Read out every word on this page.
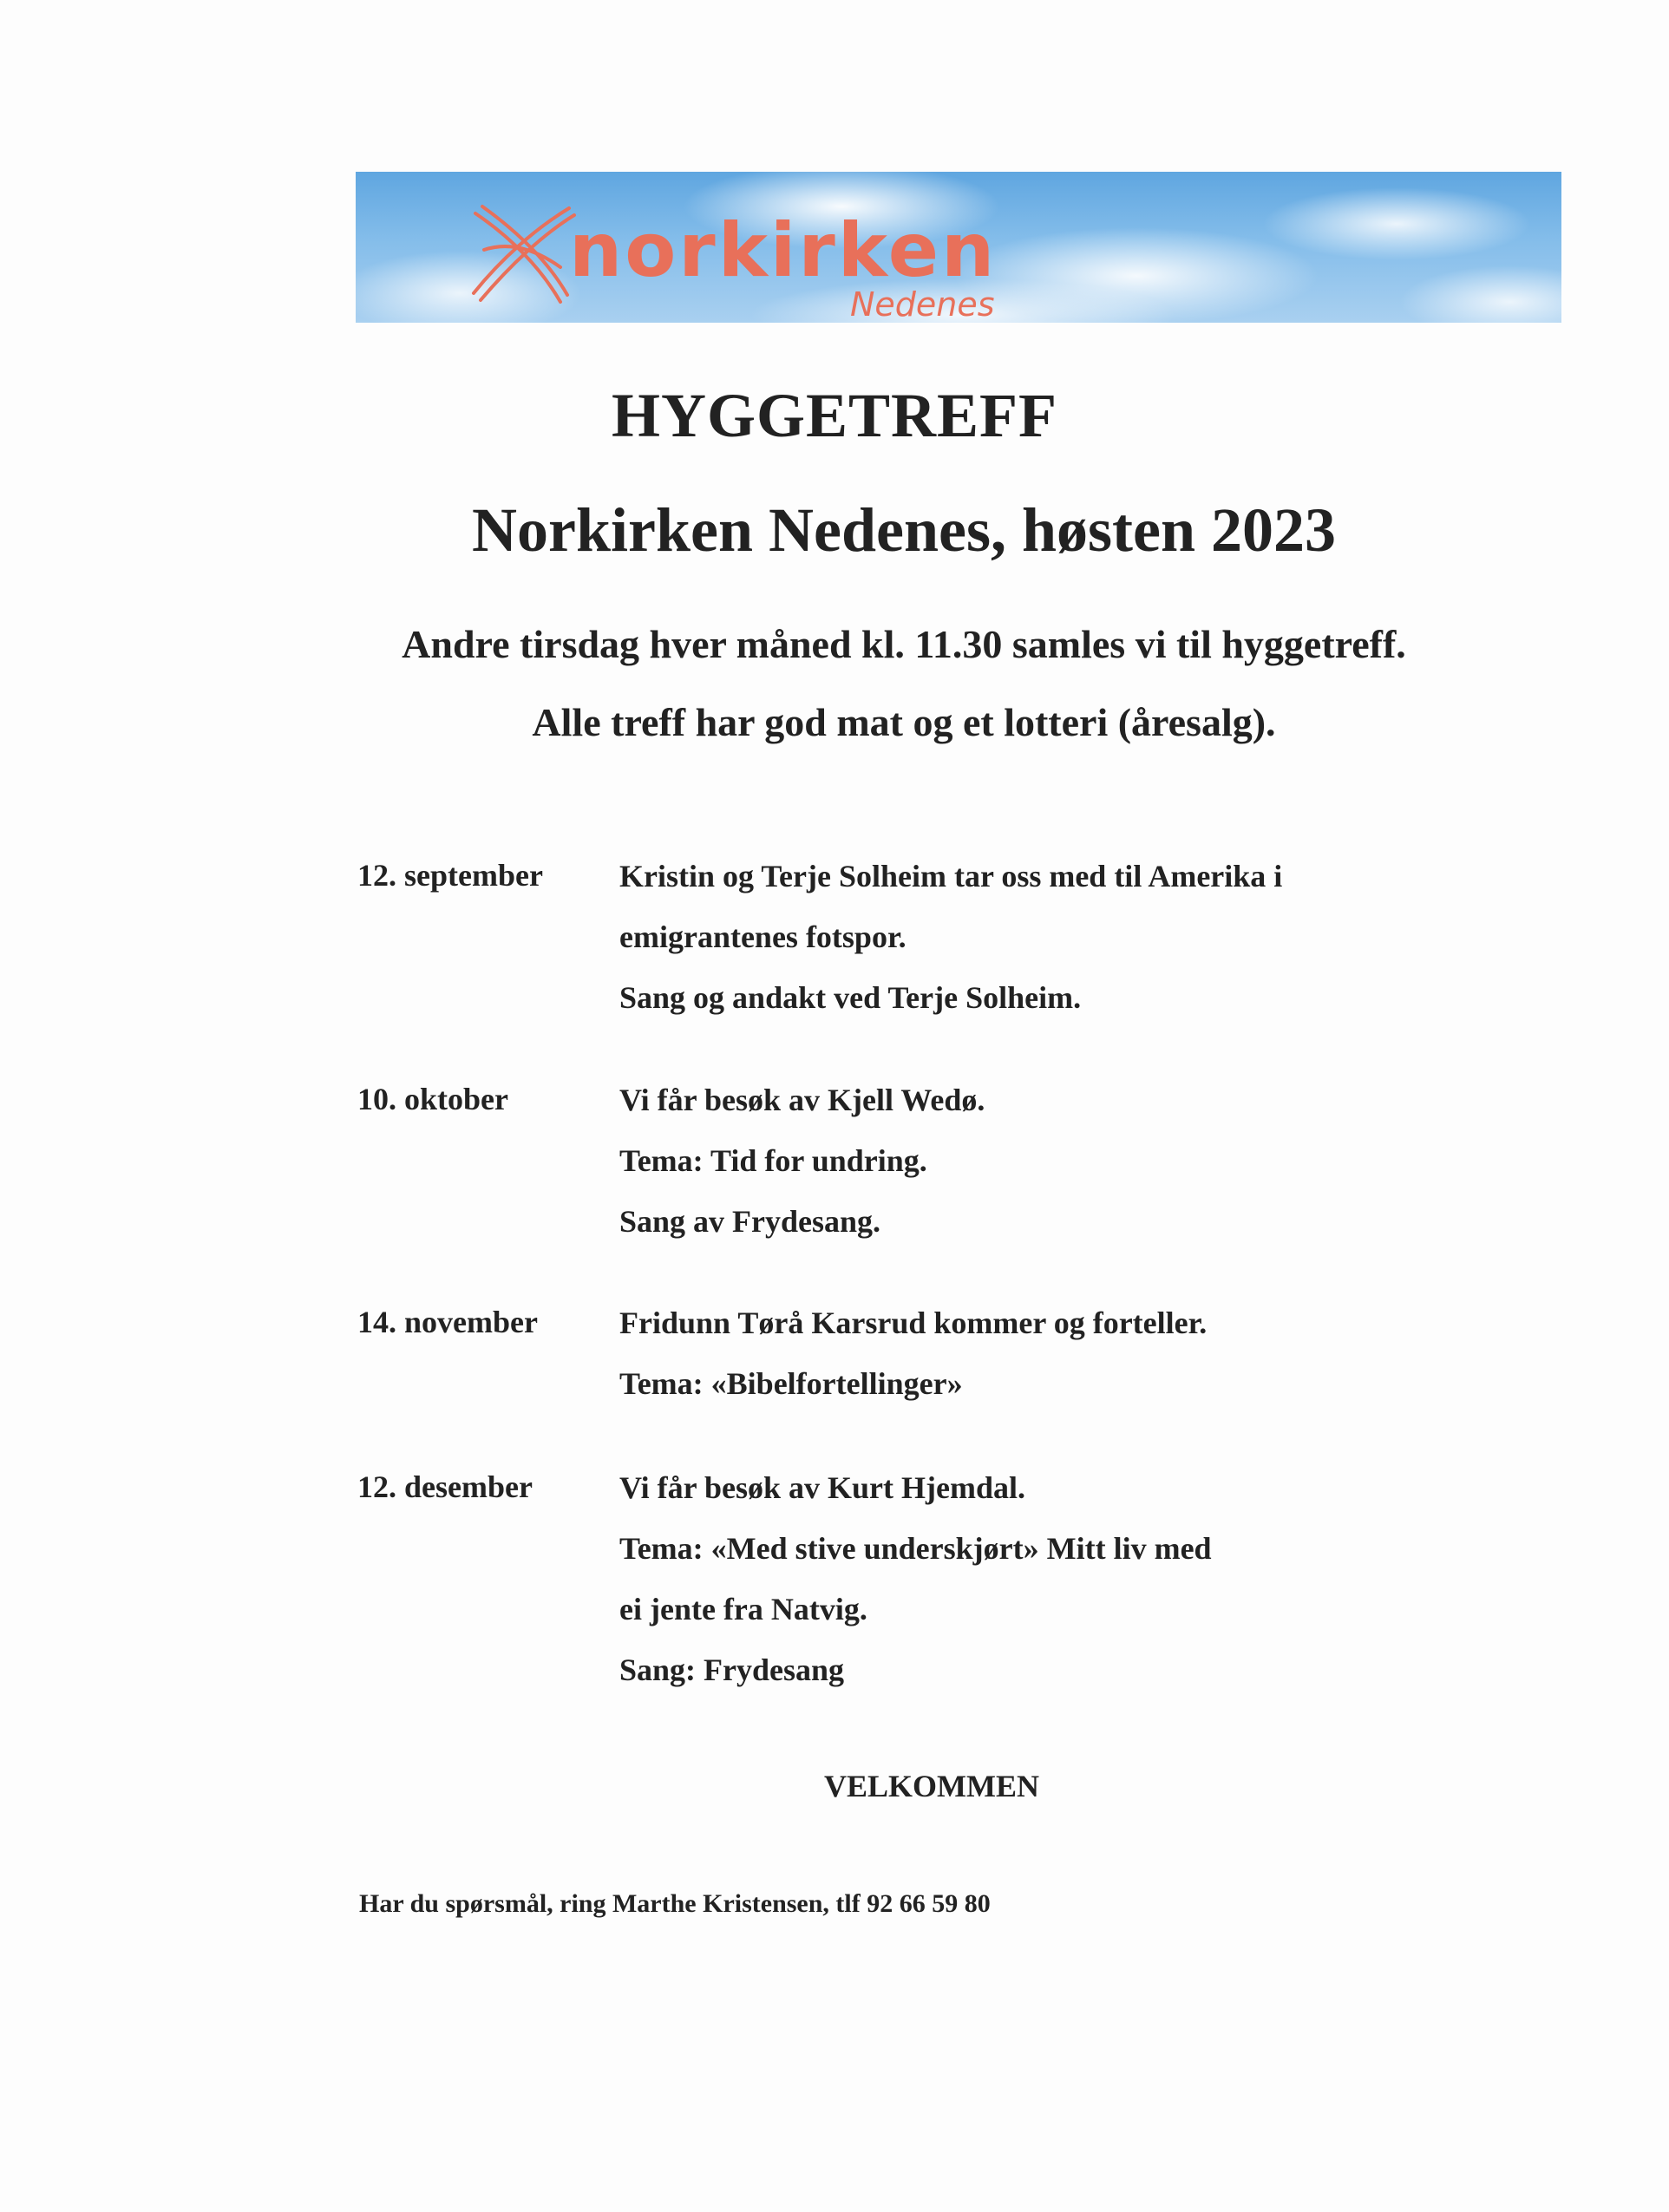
norkirken
Nedenes
HYGGETREFF
Norkirken Nedenes, høsten 2023
Andre tirsdag hver måned kl. 11.30 samles vi til hyggetreff.
Alle treff har god mat og et lotteri (åresalg).
12. september	Kristin og Terje Solheim tar oss med til Amerika i
emigrantenes fotspor.
Sang og andakt ved Terje Solheim.
10. oktober	Vi får besøk av Kjell Wedø.
Tema: Tid for undring.
Sang av Frydesang.
14. november	Fridunn Tørå Karsrud kommer og forteller.
Tema: «Bibelfortellinger»
12. desember	Vi får besøk av Kurt Hjemdal.
Tema: «Med stive underskjørt» Mitt liv med
ei jente fra Natvig.
Sang: Frydesang
VELKOMMEN
Har du spørsmål, ring Marthe Kristensen, tlf 92 66 59 80
